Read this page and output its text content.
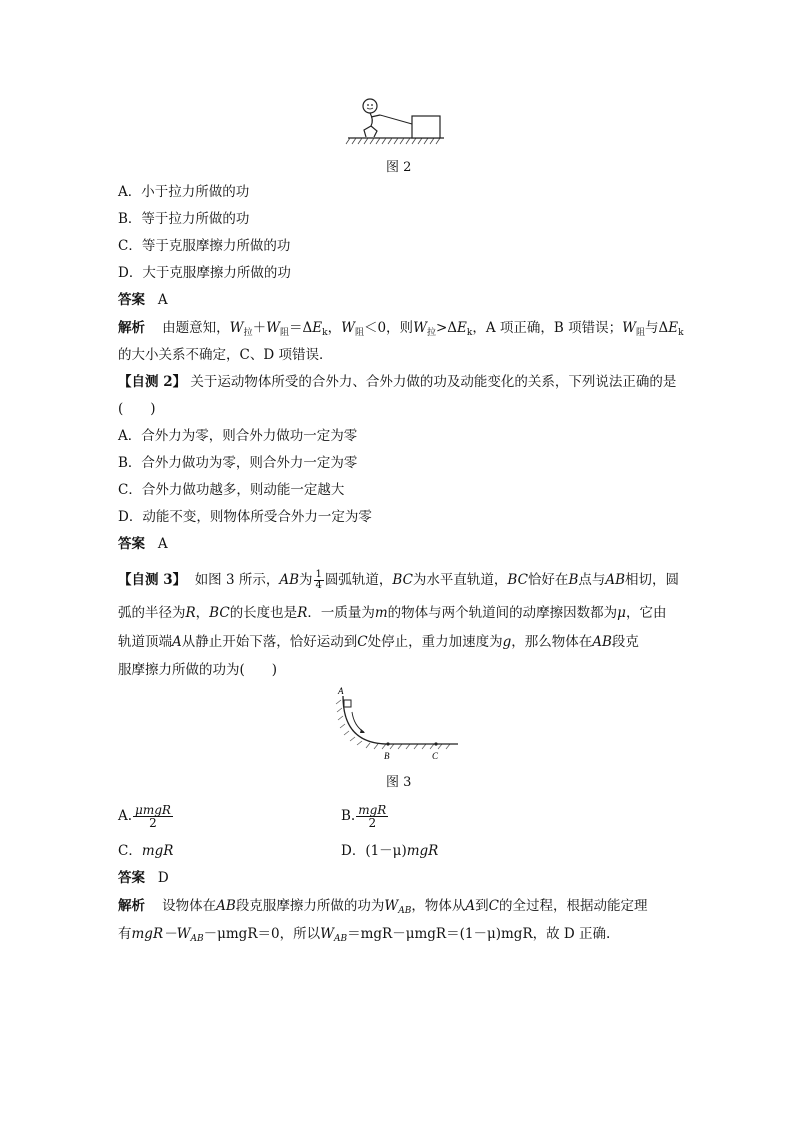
图 2
A．小于拉力所做的功
B．等于拉力所做的功
C．等于克服摩擦力所做的功
D．大于克服摩擦力所做的功
答案 A
解析 由题意知，$W_拉+W_阻=\Delta E_k$，$W_阻<0$，则$W_拉>\Delta E_k$，A 项正确，B 项错误；$W_阻$与$\Delta E_k$
的大小关系不确定，C、D 项错误．
【自测 2】 关于运动物体所受的合外力、合外力做的功及动能变化的关系，下列说法正确的是
(　　)
A．合外力为零，则合外力做功一定为零
B．合外力做功为零，则合外力一定为零
C．合外力做功越多，则动能一定越大
D．动能不变，则物体所受合外力一定为零
答案 A
【自测 3】 如图 3 所示，AB为 $\frac{1}{4}$ 圆弧轨道，BC为水平直轨道，BC恰好在B点与AB相切，圆
弧的半径为R，BC的长度也是R．一质量为m的物体与两个轨道间的动摩擦因数都为μ，它由
轨道顶端A从静止开始下落，恰好运动到C处停止，重力加速度为g，那么物体在AB段克
服摩擦力所做的功为(　　)
A
B	C
图 3
A. $\frac{\text{μmgR}}{2}$	B. $\frac{\text{mgR}}{2}$
C．mgR	D．(1－μ)mgR
答案 D
解析 设物体在AB段克服摩擦力所做的功为$W_{AB}$，物体从A到C的全过程，根据动能定理
有$mgR-W_{AB}-\mu mgR=0$，所以$W_{AB}=mgR-\mu mgR=(1-\mu)mgR$，故 D 正确.
